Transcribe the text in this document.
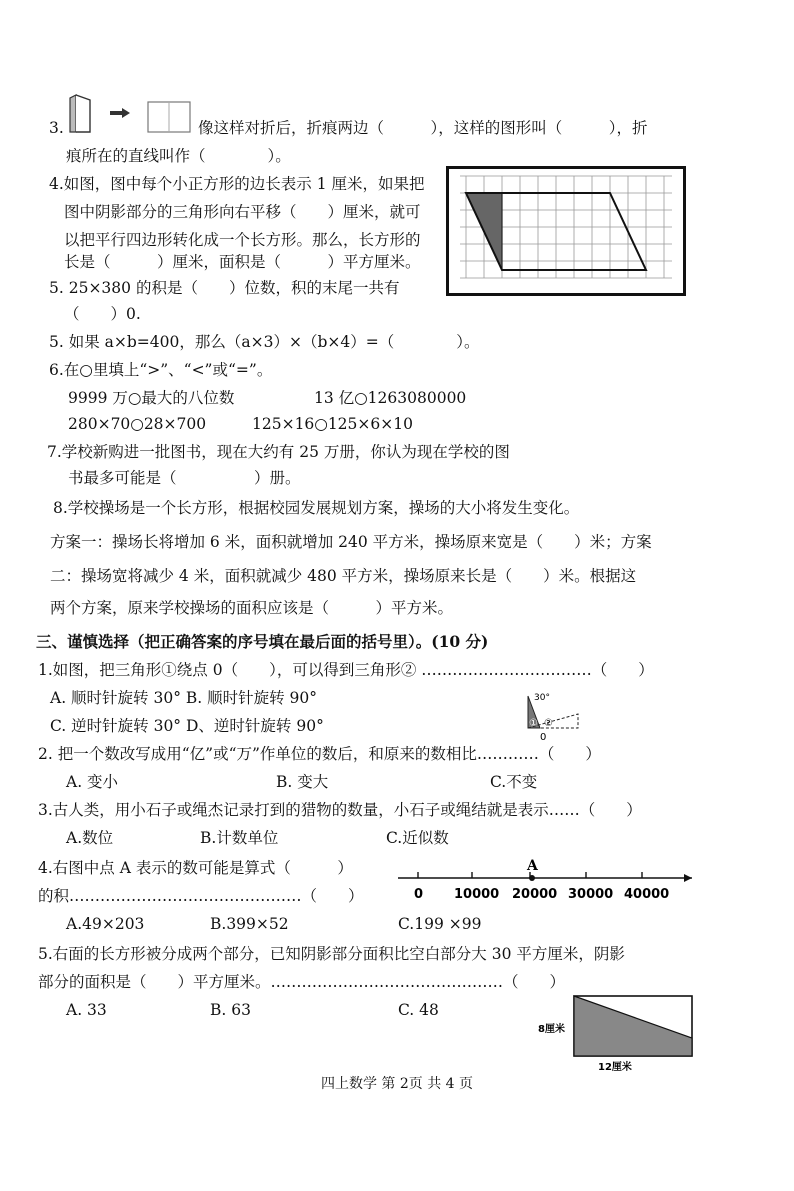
3.	像这样对折后，折痕两边（　　　），这样的图形叫（　　　），折
痕所在的直线叫作（　　　　）。
4.如图，图中每个小正方形的边长表示 1 厘米，如果把
图中阴影部分的三角形向右平移（　　）厘米，就可
以把平行四边形转化成一个长方形。那么，长方形的
长是（　　　）厘米，面积是（　　　）平方厘米。
5. 25×380 的积是（　　）位数，积的末尾一共有
（　　）0.
5. 如果 a×b=400，那么（a×3）×（b×4）=（　　　　）。
6.在○里填上“>”、“<”或“=”。
9999 万○最大的八位数	13 亿○1263080000
280×70○28×700	125×16○125×6×10
7.学校新购进一批图书，现在大约有 25 万册，你认为现在学校的图
书最多可能是（　　　　　）册。
8.学校操场是一个长方形，根据校园发展规划方案，操场的大小将发生变化。
方案一：操场长将增加 6 米，面积就增加 240 平方米，操场原来宽是（　　）米；方案
二：操场宽将减少 4 米，面积就减少 480 平方米，操场原来长是（　　）米。根据这
两个方案，原来学校操场的面积应该是（　　　）平方米。
三、谨慎选择（把正确答案的序号填在最后面的括号里）。(10 分)
1.如图，把三角形①绕点 0（　　），可以得到三角形② ……………………………（　　）
A. 顺时针旋转 30° B. 顺时针旋转 90°
C. 逆时针旋转 30° D、逆时针旋转 90°
30°
① ②
0
2. 把一个数改写成用“亿”或“万”作单位的数后，和原来的数相比…………（　　）
A. 变小	B. 变大	C.不变
3.古人类，用小石子或绳杰记录打到的猎物的数量，小石子或绳结就是表示……（　　）
A.数位	B.计数单位	C.近似数
4.右图中点 A 表示的数可能是算式（　　　）
的积………………………………………（　　）
A.49×203	B.399×52	C.199 ×99
A
0 10000 20000 30000 40000
5.右面的长方形被分成两个部分，已知阴影部分面积比空白部分大 30 平方厘米，阴影
部分的面积是（　　）平方厘米。………………………………………（　　）
A. 33	B. 63	C. 48
8厘米
12厘米
四上数学 第 2页 共 4 页
